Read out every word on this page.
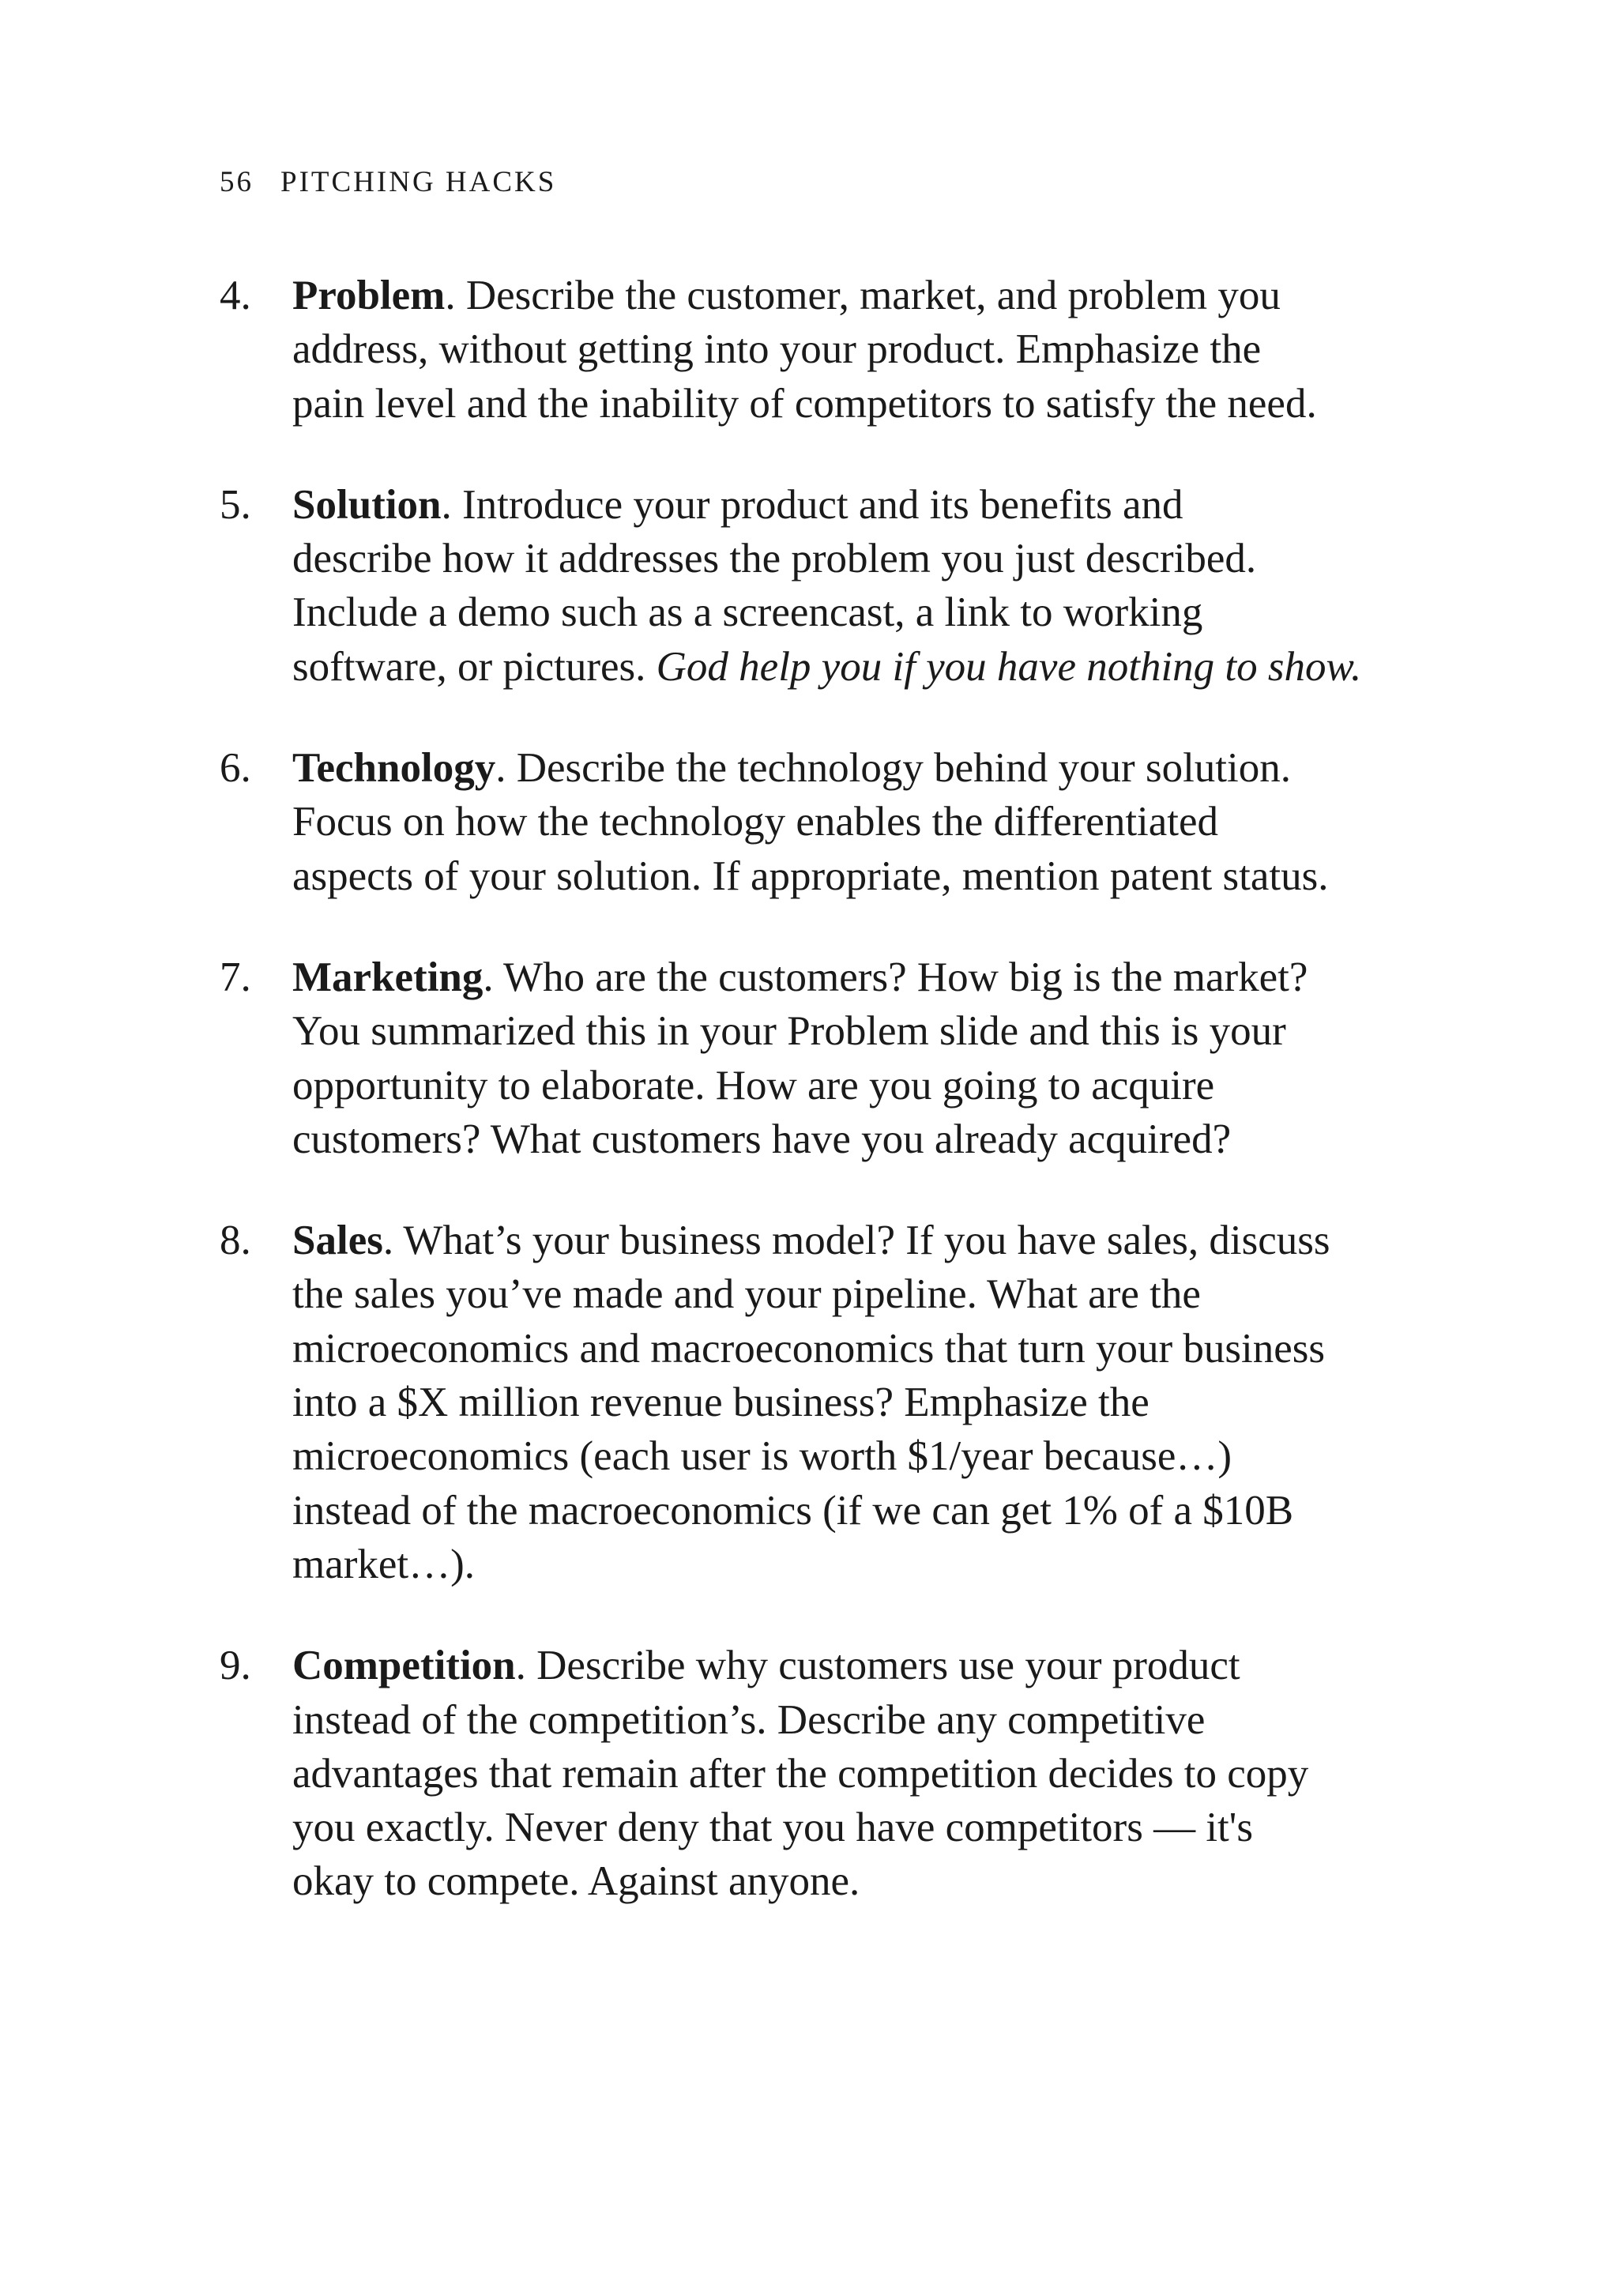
56 PITCHING HACKS
4. Problem. Describe the customer, market, and problem you
address, without getting into your product. Emphasize the
pain level and the inability of competitors to satisfy the need.
5. Solution. Introduce your product and its benefits and
describe how it addresses the problem you just described.
Include a demo such as a screencast, a link to working
software, or pictures. God help you if you have nothing to show.
6. Technology. Describe the technology behind your solution.
Focus on how the technology enables the differentiated
aspects of your solution. If appropriate, mention patent status.
7. Marketing. Who are the customers? How big is the market?
You summarized this in your Problem slide and this is your
opportunity to elaborate. How are you going to acquire
customers? What customers have you already acquired?
8. Sales. What’s your business model? If you have sales, discuss
the sales you’ve made and your pipeline. What are the
microeconomics and macroeconomics that turn your business
into a $X million revenue business? Emphasize the
microeconomics (each user is worth $1/year because…)
instead of the macroeconomics (if we can get 1% of a $10B
market…).
9. Competition. Describe why customers use your product
instead of the competition’s. Describe any competitive
advantages that remain after the competition decides to copy
you exactly. Never deny that you have competitors — it's
okay to compete. Against anyone.
